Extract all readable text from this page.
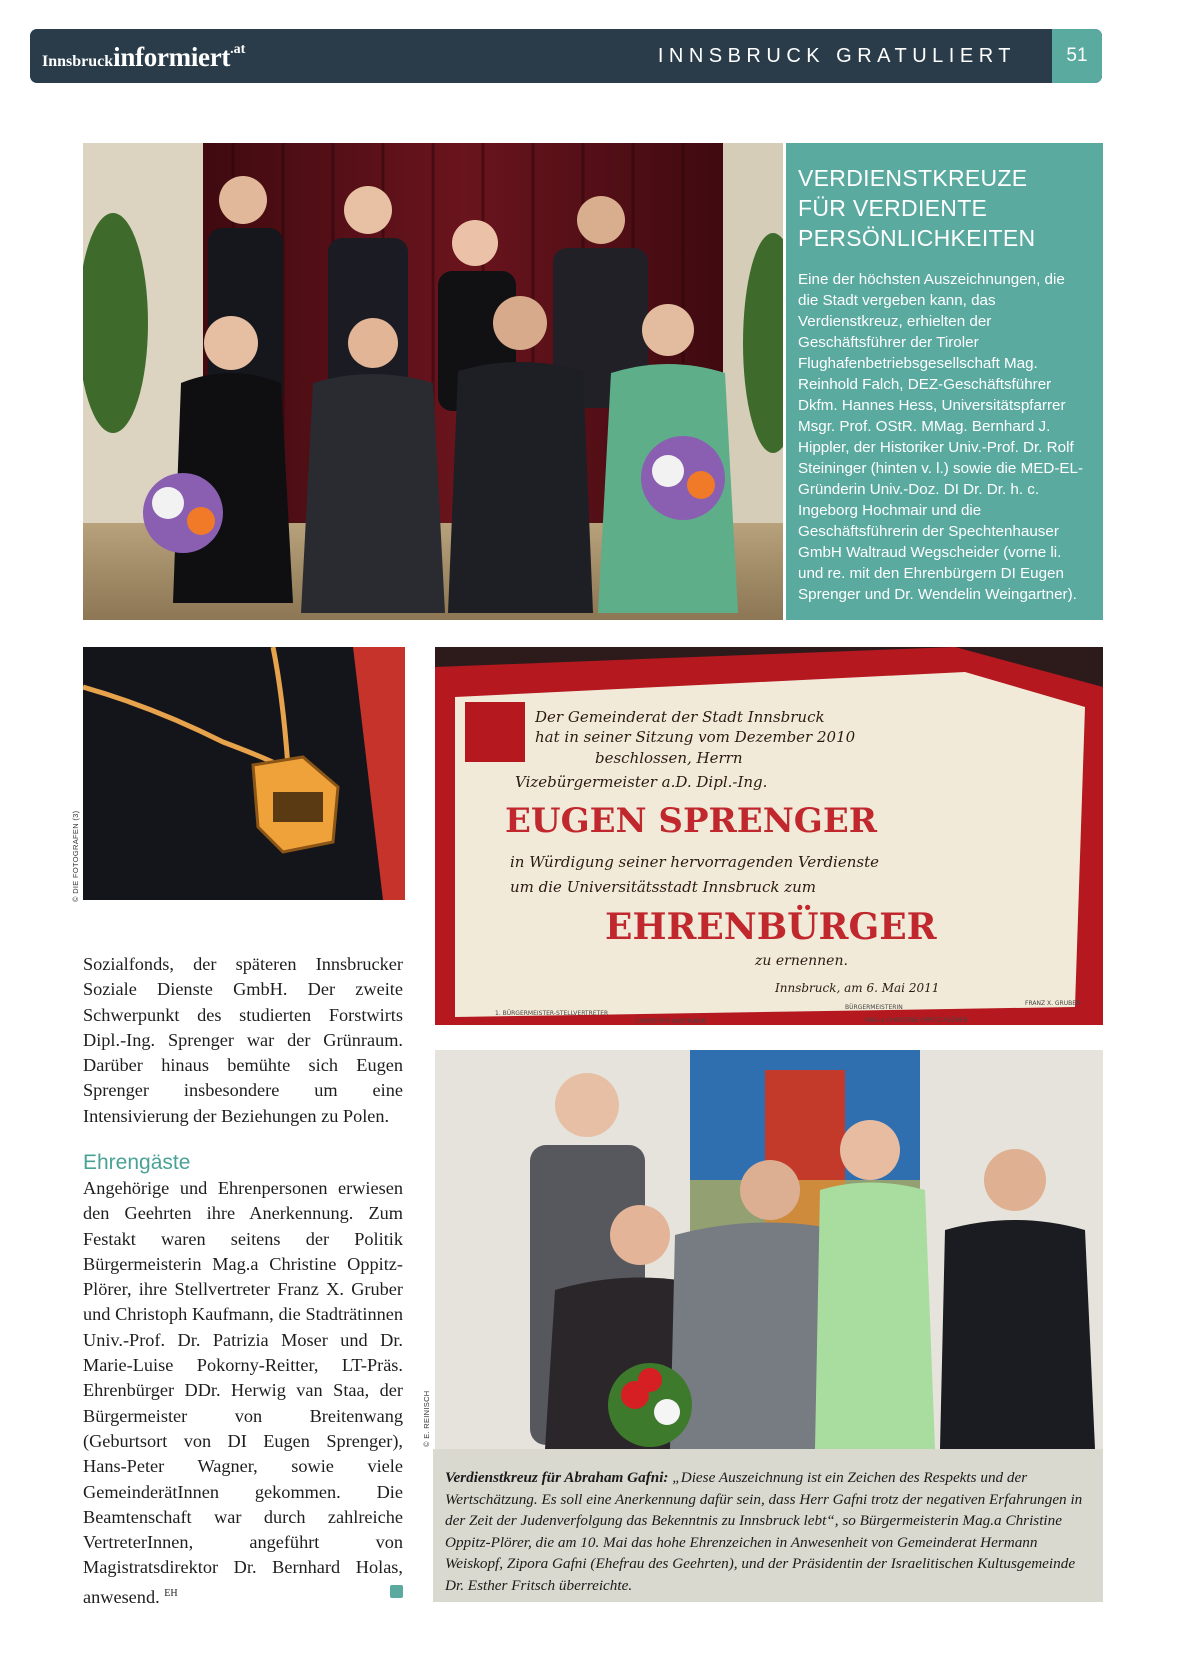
Innsbruckinformiert.at	INNSBRUCK GRATULIERT	51
VERDIENSTKREUZE
FÜR VERDIENTE
PERSÖNLICHKEITEN

Eine der höchsten Auszeichnungen, die die Stadt vergeben kann, das Verdienstkreuz, erhielten der Geschäftsführer der Tiroler Flughafenbetriebsgesellschaft Mag. Reinhold Falch, DEZ-Geschäftsführer Dkfm. Hannes Hess, Universitätspfarrer Msgr. Prof. OStR. MMag. Bernhard J. Hippler, der Historiker Univ.-Prof. Dr. Rolf Steininger (hinten v. l.) sowie die MED-EL-Gründerin Univ.-Doz. DI Dr. Dr. h. c. Ingeborg Hochmair und die Geschäftsführerin der Spechtenhauser GmbH Waltraud Wegscheider (vorne li. und re. mit den Ehrenbürgern DI Eugen Sprenger und Dr. Wendelin Weingartner).

© DIE FOTOGRAFEN (3)
Der Gemeinderat der Stadt Innsbruck
hat in seiner Sitzung vom Dezember 2010
beschlossen, Herrn
Vizebürgermeister a.D. Dipl.-Ing.
in Würdigung seiner hervorragenden Verdienste
um die Universitätsstadt Innsbruck zum
zu ernennen.
Innsbruck, am 6. Mai 2011
EUGEN SPRENGER
EHRENBÜRGER
1. BÜRGERMEISTER-STELLVERTRETER
BÜRGERMEISTERIN
CHRISTOPH KAUFMANN	MAG.a CHRISTINE OPPITZ-PLÖRER
FRANZ X. GRUBER
© E. REINISCH
Verdienstkreuz für Abraham Gafni: „Diese Auszeichnung ist ein Zeichen des Respekts und der Wertschätzung. Es soll eine Anerkennung dafür sein, dass Herr Gafni trotz der negativen Erfahrungen in der Zeit der Judenverfolgung das Bekenntnis zu Innsbruck lebt“, so Bürgermeisterin Mag.a Christine Oppitz-Plörer, die am 10. Mai das hohe Ehrenzeichen in Anwesenheit von Gemeinderat Hermann Weiskopf, Zipora Gafni (Ehefrau des Geehrten), und der Präsidentin der Israelitischen Kultusgemeinde Dr. Esther Fritsch überreichte.
Sozialfonds, der späteren Innsbrucker Soziale Dienste GmbH. Der zweite Schwerpunkt des studierten Forstwirts Dipl.-Ing. Sprenger war der Grünraum. Darüber hinaus bemühte sich Eugen Sprenger insbesondere um eine Intensivierung der Beziehungen zu Polen.
Ehrengäste
Angehörige und Ehrenpersonen erwiesen den Geehrten ihre Anerkennung. Zum Festakt waren seitens der Politik Bürgermeisterin Mag.a Christine Oppitz-Plörer, ihre Stellvertreter Franz X. Gruber und Christoph Kaufmann, die Stadträtinnen Univ.-Prof. Dr. Patrizia Moser und Dr. Marie-Luise Pokorny-Reitter, LT-Präs. Ehrenbürger DDr. Herwig van Staa, der Bürgermeister von Breitenwang (Geburtsort von DI Eugen Sprenger), Hans-Peter Wagner, sowie viele GemeinderätInnen gekommen. Die Beamtenschaft war durch zahlreiche VertreterInnen, angeführt von Magistratsdirektor Dr. Bernhard Holas, anwesend. $^{EH}$
